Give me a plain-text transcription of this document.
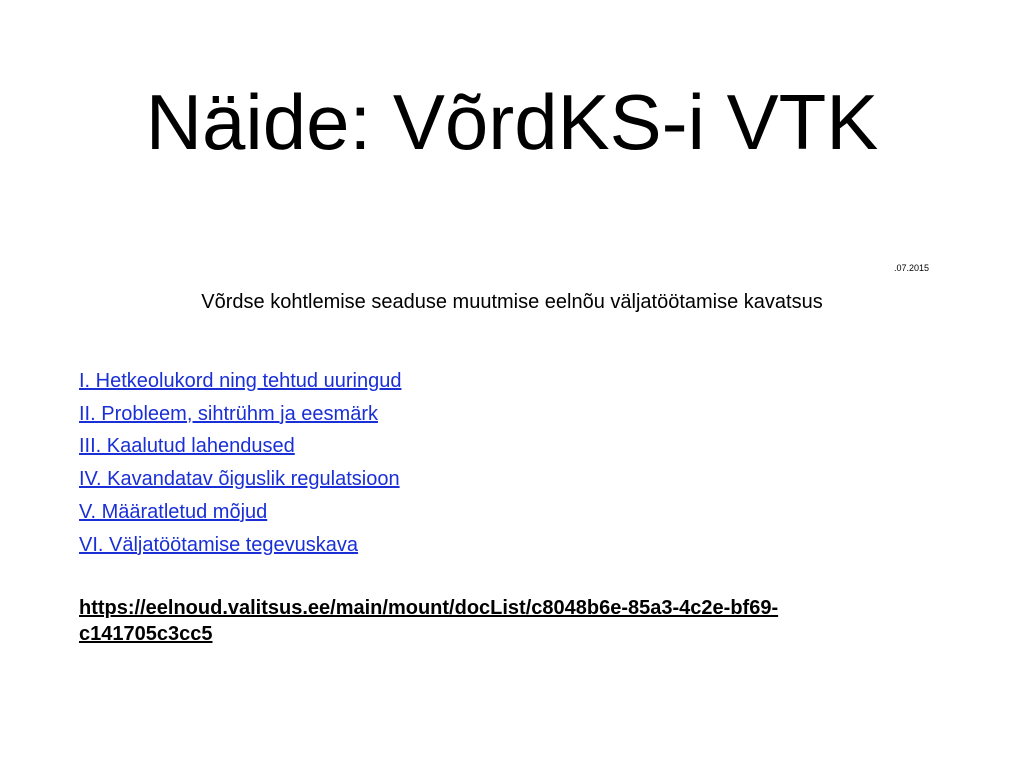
Näide: VõrdKS-i VTK
.07.2015
Võrdse kohtlemise seaduse muutmise eelnõu väljatöötamise kavatsus
I. Hetkeolukord ning tehtud uuringud
II. Probleem, sihtrühm ja eesmärk
III. Kaalutud lahendused
IV. Kavandatav õiguslik regulatsioon
V. Määratletud mõjud
VI. Väljatöötamise tegevuskava
https://eelnoud.valitsus.ee/main/mount/docList/c8048b6e-85a3-4c2e-bf69-
c141705c3cc5
